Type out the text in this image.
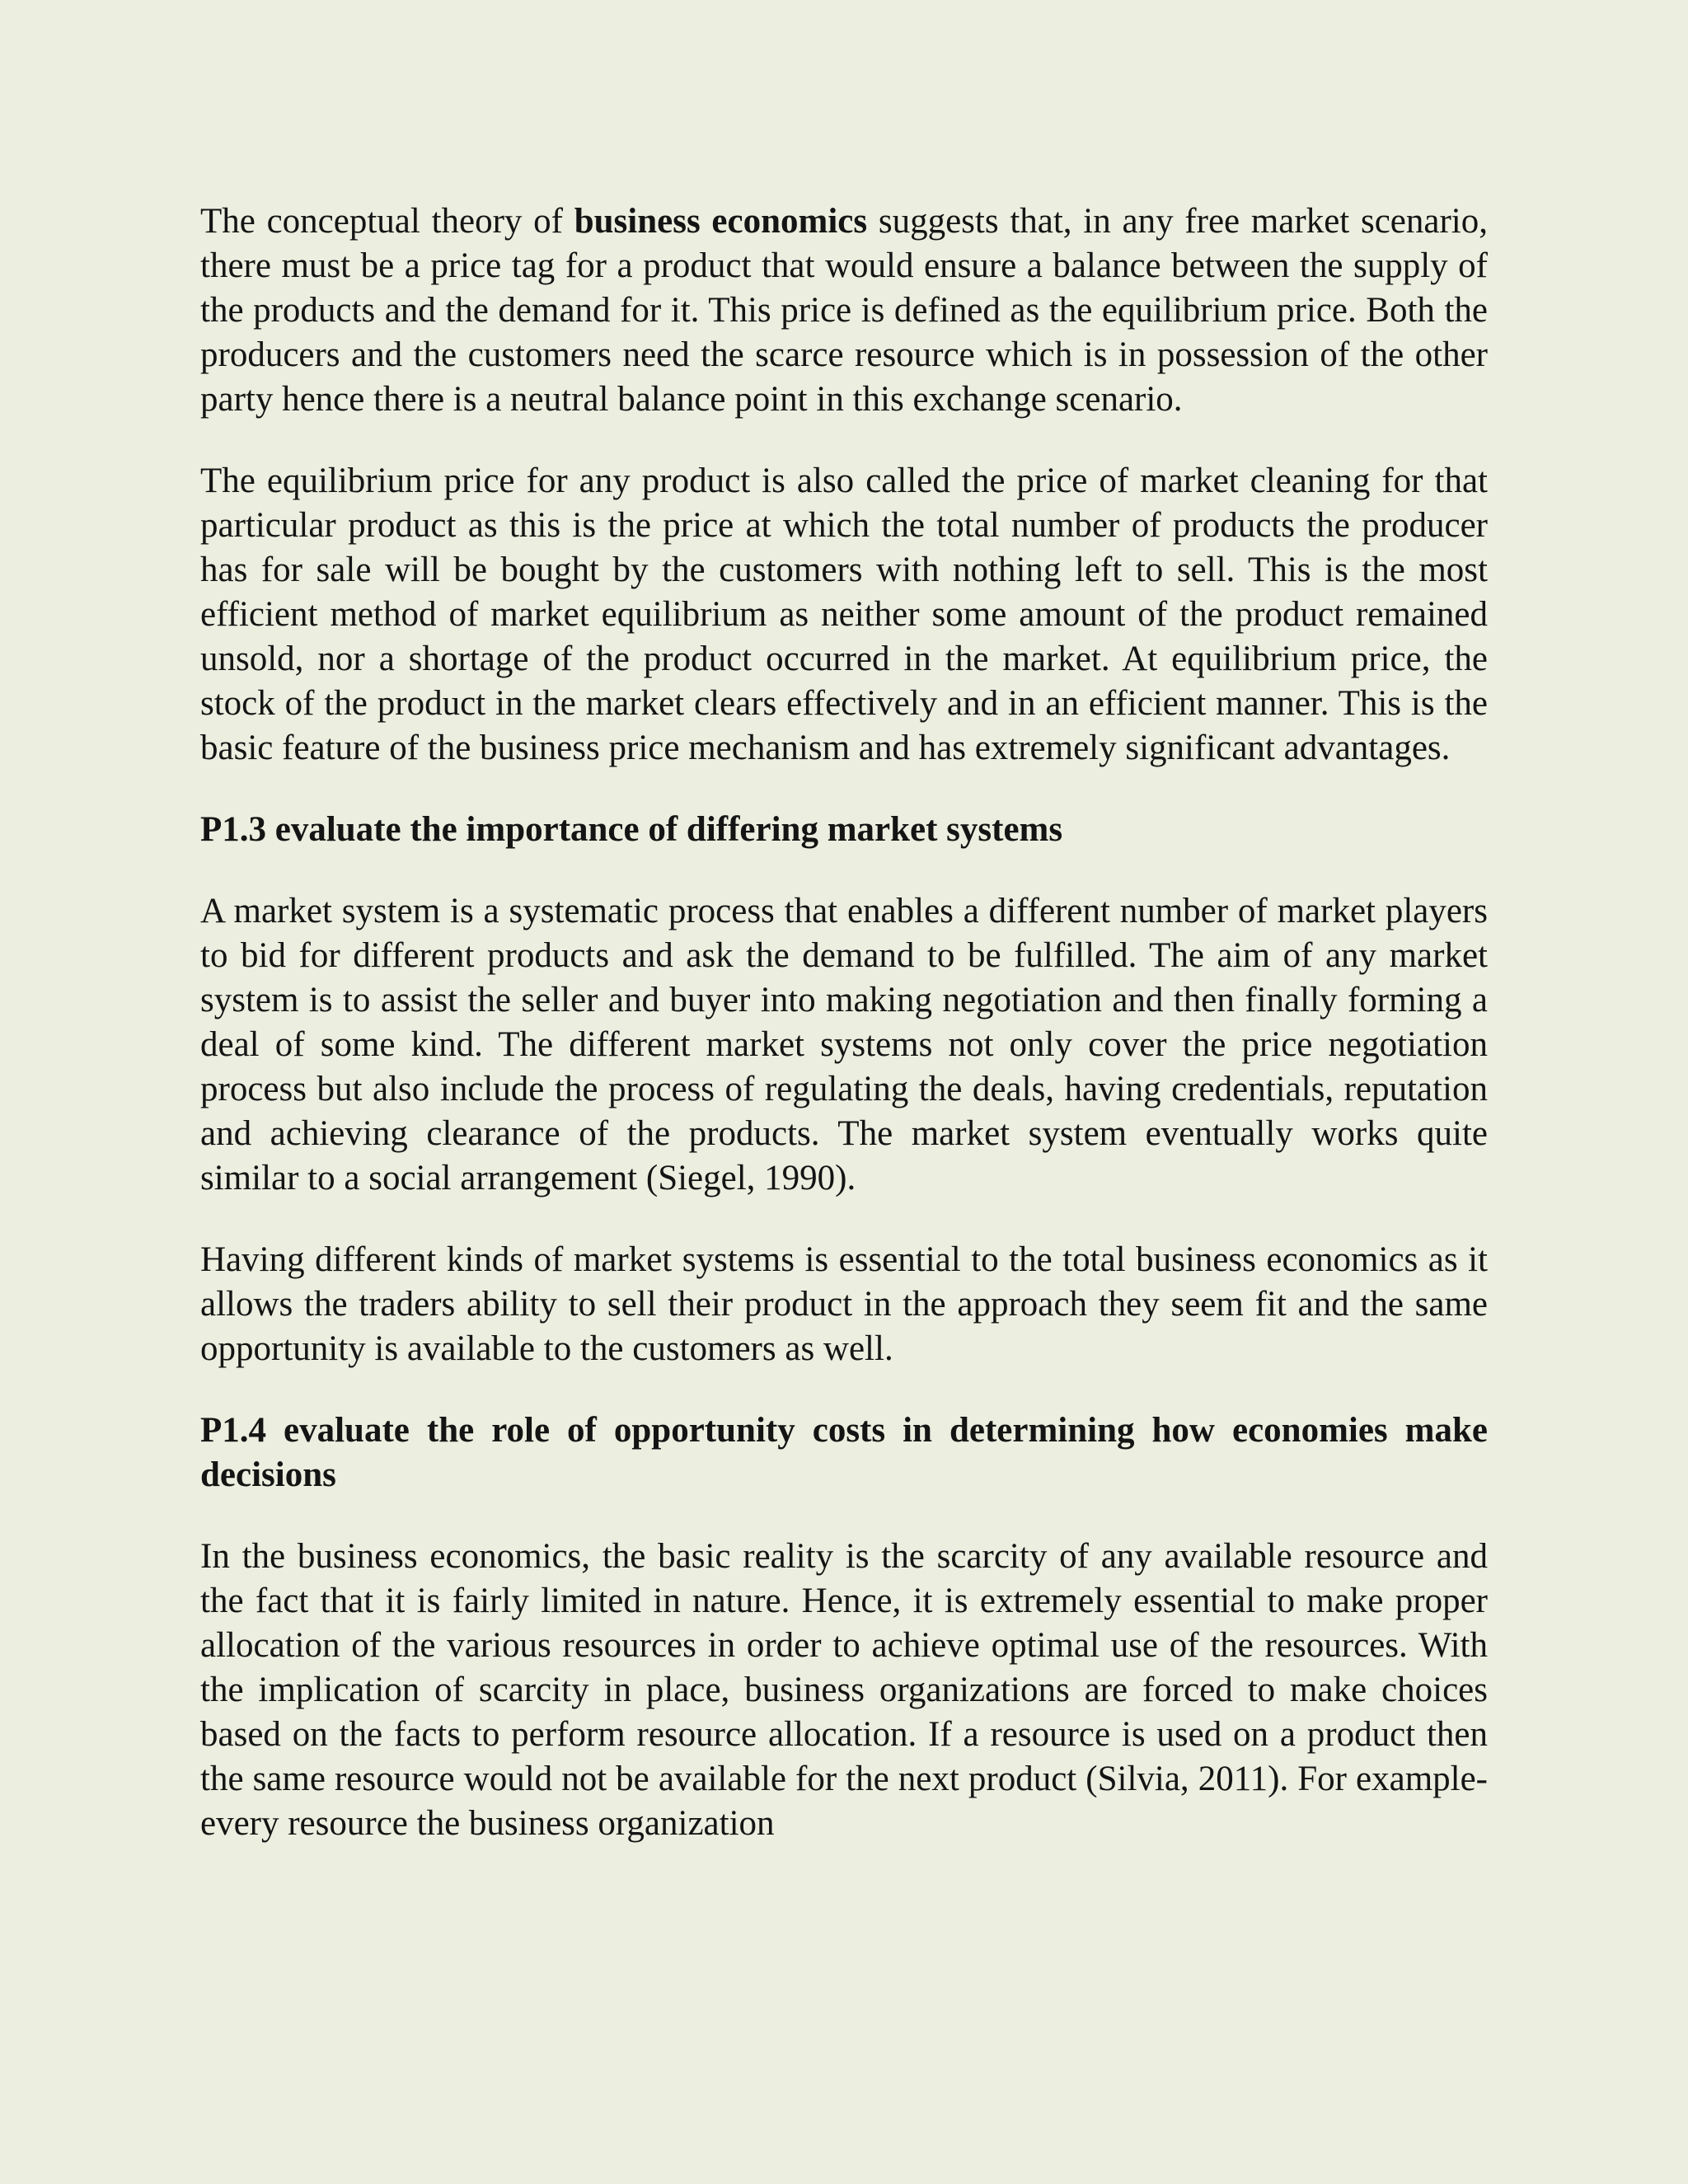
The conceptual theory of business economics suggests that, in any free market scenario, there must be a price tag for a product that would ensure a balance between the supply of the products and the demand for it. This price is defined as the equilibrium price. Both the producers and the customers need the scarce resource which is in possession of the other party hence there is a neutral balance point in this exchange scenario.

The equilibrium price for any product is also called the price of market cleaning for that particular product as this is the price at which the total number of products the producer has for sale will be bought by the customers with nothing left to sell. This is the most efficient method of market equilibrium as neither some amount of the product remained unsold, nor a shortage of the product occurred in the market. At equilibrium price, the stock of the product in the market clears effectively and in an efficient manner. This is the basic feature of the business price mechanism and has extremely significant advantages.

P1.3 evaluate the importance of differing market systems

A market system is a systematic process that enables a different number of market players to bid for different products and ask the demand to be fulfilled. The aim of any market system is to assist the seller and buyer into making negotiation and then finally forming a deal of some kind. The different market systems not only cover the price negotiation process but also include the process of regulating the deals, having credentials, reputation and achieving clearance of the products. The market system eventually works quite similar to a social arrangement (Siegel, 1990).

Having different kinds of market systems is essential to the total business economics as it allows the traders ability to sell their product in the approach they seem fit and the same opportunity is available to the customers as well.

P1.4 evaluate the role of opportunity costs in determining how economies make decisions

In the business economics, the basic reality is the scarcity of any available resource and the fact that it is fairly limited in nature. Hence, it is extremely essential to make proper allocation of the various resources in order to achieve optimal use of the resources. With the implication of scarcity in place, business organizations are forced to make choices based on the facts to perform resource allocation. If a resource is used on a product then the same resource would not be available for the next product (Silvia, 2011). For example- every resource the business organization
